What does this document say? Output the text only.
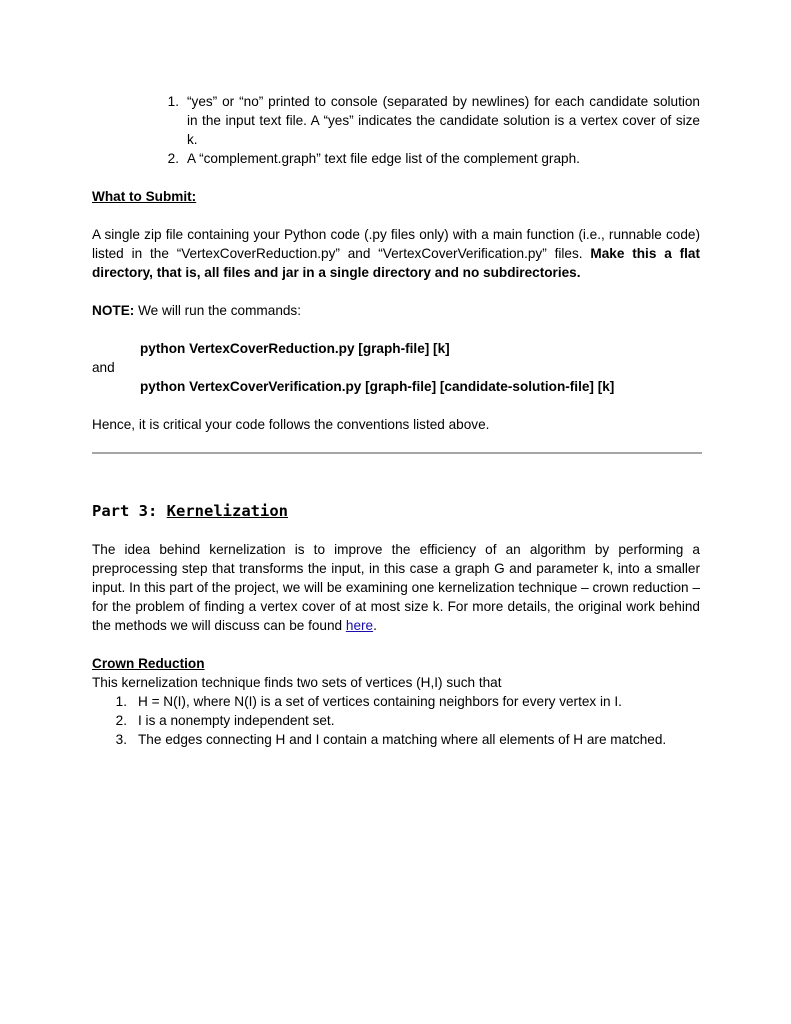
1. “yes” or “no” printed to console (separated by newlines) for each candidate solution in the input text file. A “yes” indicates the candidate solution is a vertex cover of size k.
2. A “complement.graph” text file edge list of the complement graph.

What to Submit:

A single zip file containing your Python code (.py files only) with a main function (i.e., runnable code) listed in the “VertexCoverReduction.py” and “VertexCoverVerification.py” files. Make this a flat directory, that is, all files and jar in a single directory and no subdirectories.

NOTE: We will run the commands:

python VertexCoverReduction.py [graph-file] [k]

and

python VertexCoverVerification.py [graph-file] [candidate-solution-file] [k]

Hence, it is critical your code follows the conventions listed above.

Part 3: Kernelization

The idea behind kernelization is to improve the efficiency of an algorithm by performing a preprocessing step that transforms the input, in this case a graph G and parameter k, into a smaller input. In this part of the project, we will be examining one kernelization technique – crown reduction – for the problem of finding a vertex cover of at most size k. For more details, the original work behind the methods we will discuss can be found here.

Crown Reduction

This kernelization technique finds two sets of vertices (H,I) such that

1. H = N(I), where N(I) is a set of vertices containing neighbors for every vertex in I.
2. I is a nonempty independent set.
3. The edges connecting H and I contain a matching where all elements of H are matched.
